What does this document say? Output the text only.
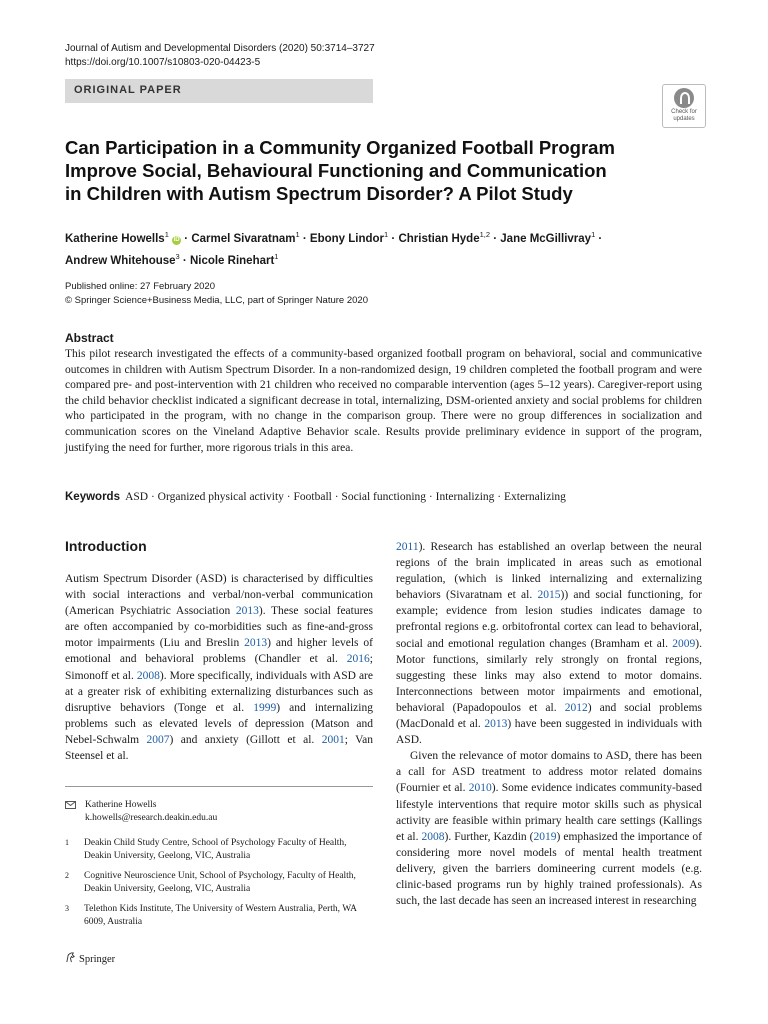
Journal of Autism and Developmental Disorders (2020) 50:3714–3727
https://doi.org/10.1007/s10803-020-04423-5
ORIGINAL PAPER
Check for
updates
Can Participation in a Community Organized Football Program
Improve Social, Behavioural Functioning and Communication
in Children with Autism Spectrum Disorder? A Pilot Study
Katherine Howells$^1$ iD · Carmel Sivaratnam$^1$ · Ebony Lindor$^1$ · Christian Hyde$^{1,2}$ · Jane McGillivray$^1$ ·
Andrew Whitehouse$^3$ · Nicole Rinehart$^1$
Published online: 27 February 2020
© Springer Science+Business Media, LLC, part of Springer Nature 2020
Abstract
This pilot research investigated the effects of a community-based organized football program on behavioral, social and communicative outcomes in children with Autism Spectrum Disorder. In a non-randomized design, 19 children completed the football program and were compared pre- and post-intervention with 21 children who received no comparable intervention (ages 5–12 years). Caregiver-report using the child behavior checklist indicated a significant decrease in total, internalizing, DSM-oriented anxiety and social problems for children who participated in the program, with no change in the comparison group. There were no group differences in socialization and communication scores on the Vineland Adaptive Behavior scale. Results provide preliminary evidence in support of the program, justifying the need for further, more rigorous trials in this area.
Keywords ASD · Organized physical activity · Football · Social functioning · Internalizing · Externalizing
Introduction
Autism Spectrum Disorder (ASD) is characterised by difficulties with social interactions and verbal/non-verbal communication (American Psychiatric Association 2013). These social features are often accompanied by co-morbidities such as fine-and-gross motor impairments (Liu and Breslin 2013) and higher levels of emotional and behavioral problems (Chandler et al. 2016; Simonoff et al. 2008). More specifically, individuals with ASD are at a greater risk of exhibiting externalizing disturbances such as disruptive behaviors (Tonge et al. 1999) and internalizing problems such as elevated levels of depression (Matson and Nebel-Schwalm 2007) and anxiety (Gillott et al. 2001; Van Steensel et al.
2011). Research has established an overlap between the neural regions of the brain implicated in areas such as emotional regulation, (which is linked internalizing and externalizing behaviors (Sivaratnam et al. 2015)) and social functioning, for example; evidence from lesion studies indicates damage to prefrontal regions e.g. orbitofrontal cortex can lead to behavioral, social and emotional regulation changes (Bramham et al. 2009). Motor functions, similarly rely strongly on frontal regions, suggesting these links may also extend to motor domains. Interconnections between motor impairments and emotional, behavioral (Papadopoulos et al. 2012) and social problems (MacDonald et al. 2013) have been suggested in individuals with ASD.
Given the relevance of motor domains to ASD, there has been a call for ASD treatment to address motor related domains (Fournier et al. 2010). Some evidence indicates community-based lifestyle interventions that require motor skills such as physical activity are feasible within primary health care settings (Kallings et al. 2008). Further, Kazdin (2019) emphasized the importance of considering more novel models of mental health treatment delivery, given the barriers domineering current models (e.g. clinic-based programs run by highly trained professionals). As such, the last decade has seen an increased interest in researching
Katherine Howells
k.howells@research.deakin.edu.au
1 Deakin Child Study Centre, School of Psychology Faculty of Health, Deakin University, Geelong, VIC, Australia
2 Cognitive Neuroscience Unit, School of Psychology, Faculty of Health, Deakin University, Geelong, VIC, Australia
3 Telethon Kids Institute, The University of Western Australia, Perth, WA 6009, Australia
Springer
